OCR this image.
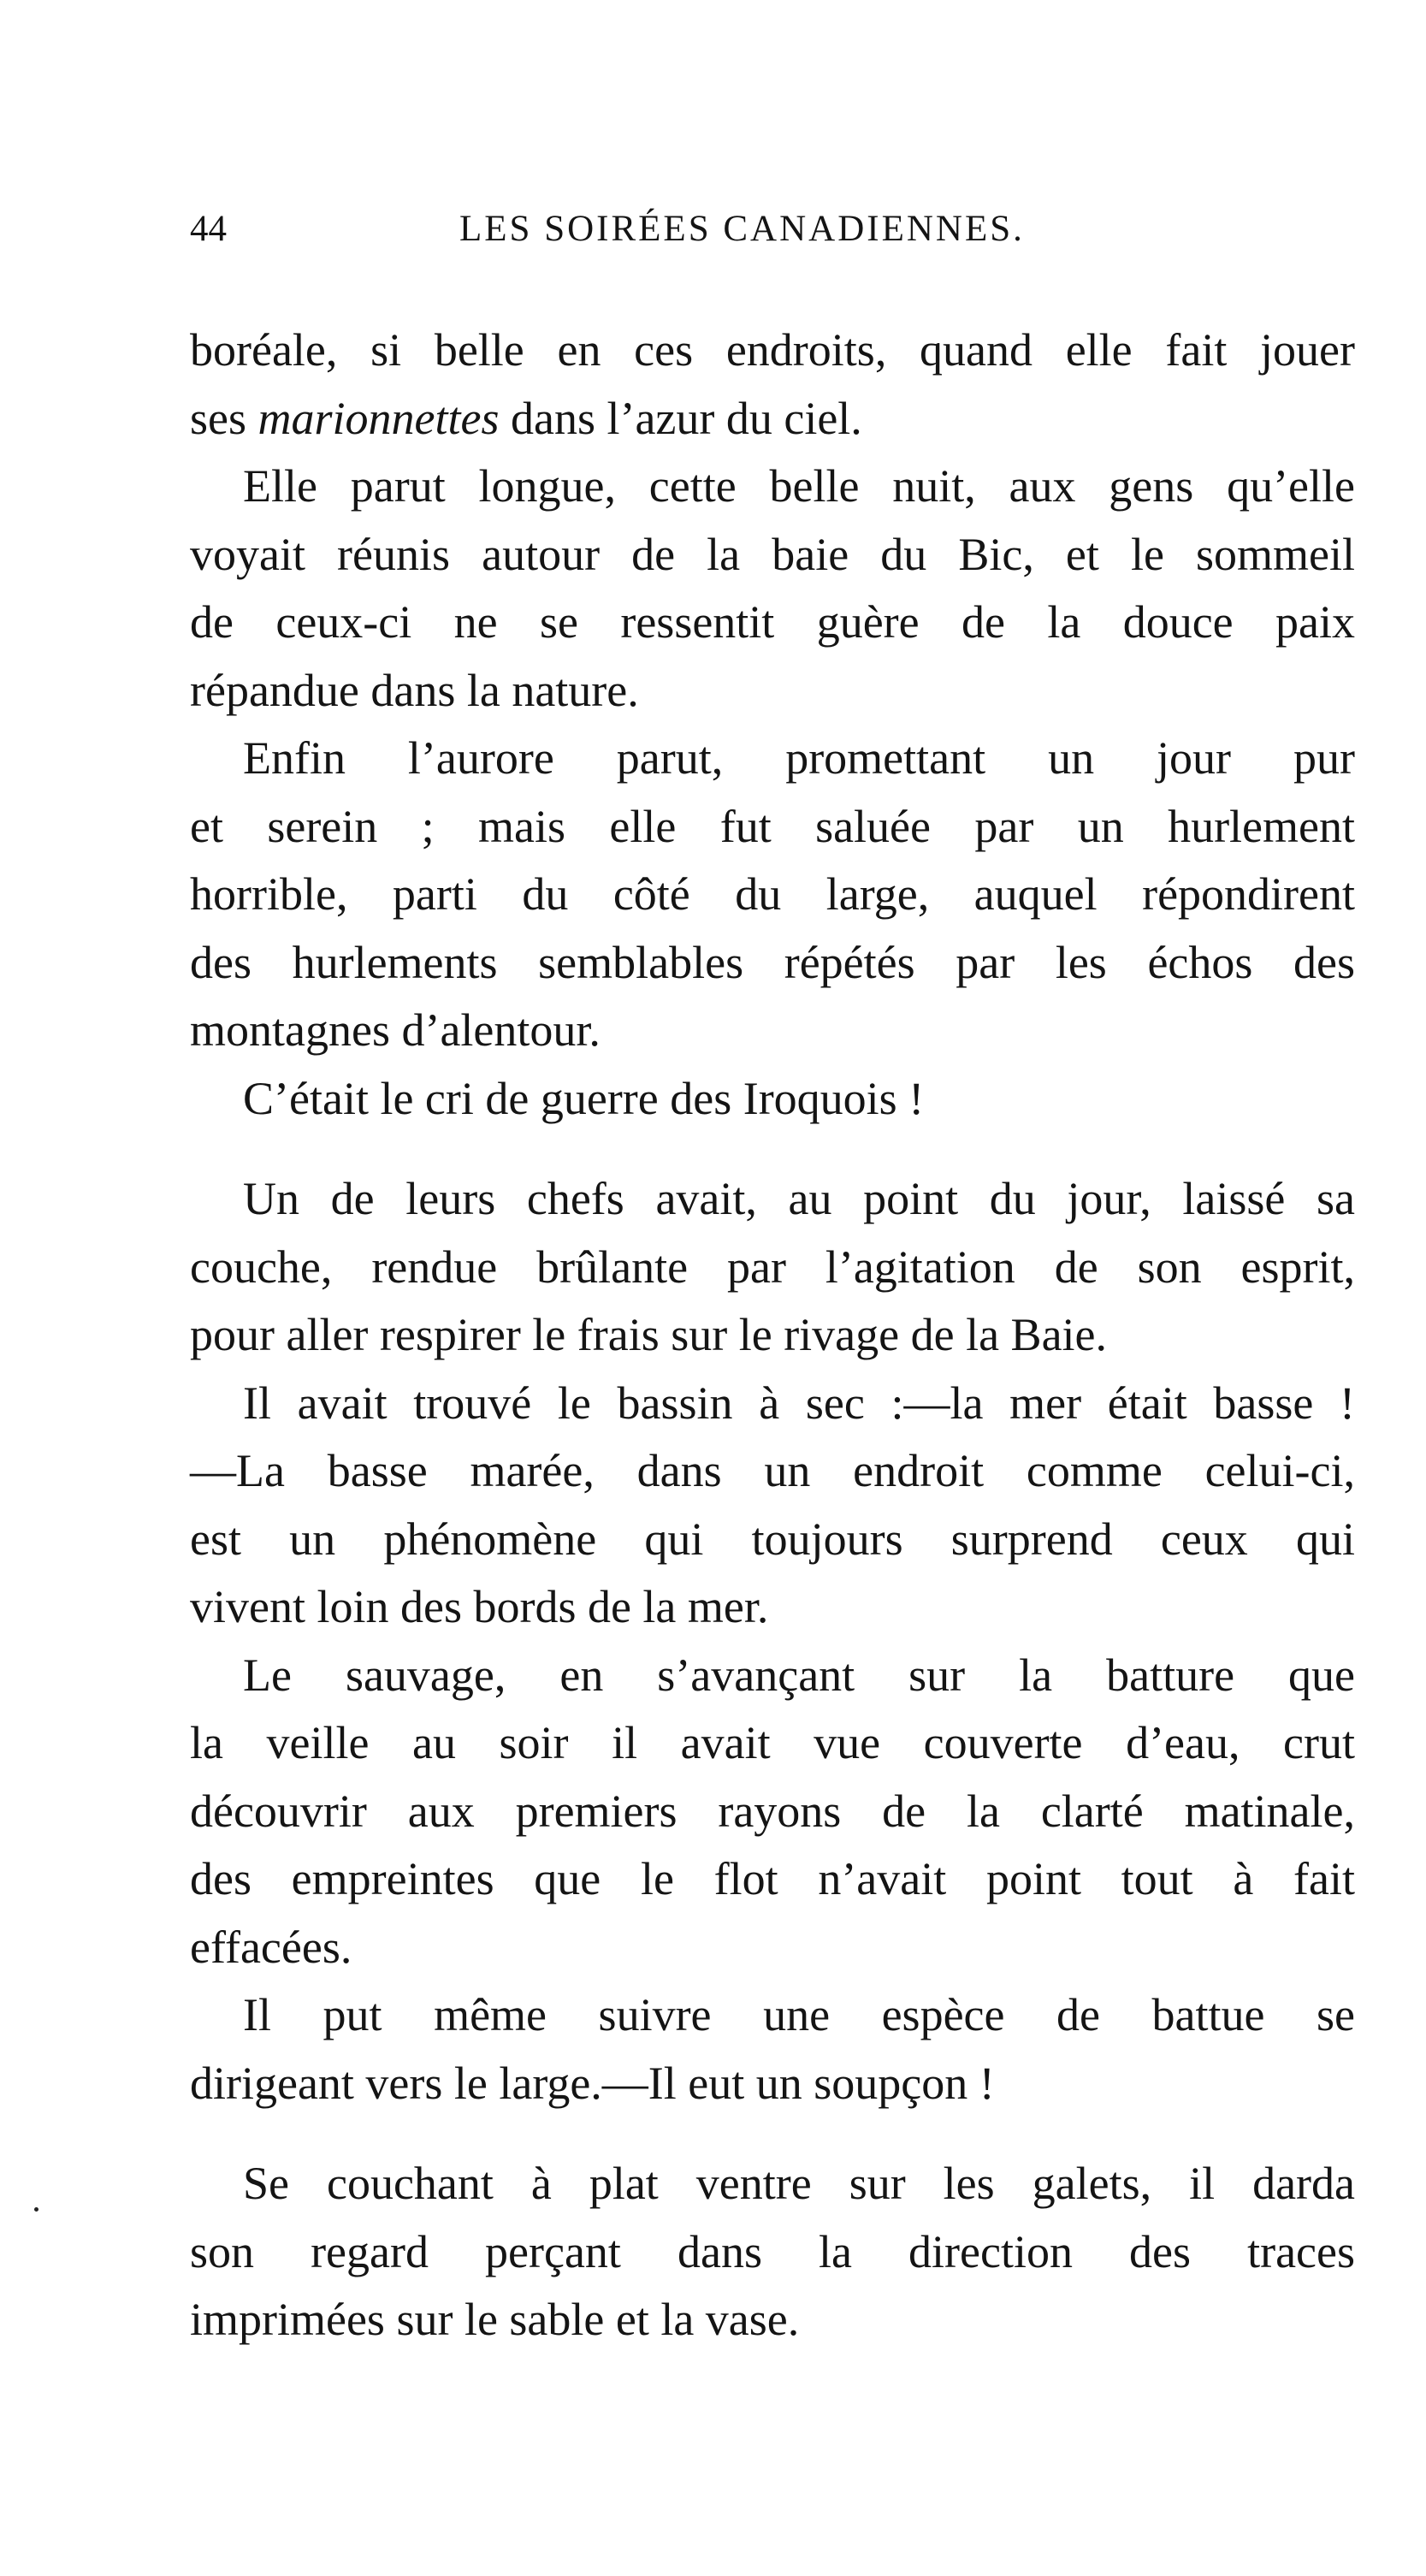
44	LES SOIRÉES CANADIENNES.

boréale, si belle en ces endroits, quand elle fait jouer
ses marionnettes dans l’azur du ciel.

Elle parut longue, cette belle nuit, aux gens qu’elle
voyait réunis autour de la baie du Bic, et le sommeil
de ceux-ci ne se ressentit guère de la douce paix
répandue dans la nature.

Enfin l’aurore parut, promettant un jour pur
et serein ; mais elle fut saluée par un hurlement
horrible, parti du côté du large, auquel répondirent
des hurlements semblables répétés par les échos des
montagnes d’alentour.

C’était le cri de guerre des Iroquois !

Un de leurs chefs avait, au point du jour, laissé sa
couche, rendue brûlante par l’agitation de son esprit,
pour aller respirer le frais sur le rivage de la Baie.

Il avait trouvé le bassin à sec :—la mer était basse !
—La basse marée, dans un endroit comme celui-ci,
est un phénomène qui toujours surprend ceux qui
vivent loin des bords de la mer.

Le sauvage, en s’avançant sur la batture que
la veille au soir il avait vue couverte d’eau, crut
découvrir aux premiers rayons de la clarté matinale,
des empreintes que le flot n’avait point tout à fait
effacées.

Il put même suivre une espèce de battue se
dirigeant vers le large.—Il eut un soupçon !

Se couchant à plat ventre sur les galets, il darda
son regard perçant dans la direction des traces
imprimées sur le sable et la vase.
